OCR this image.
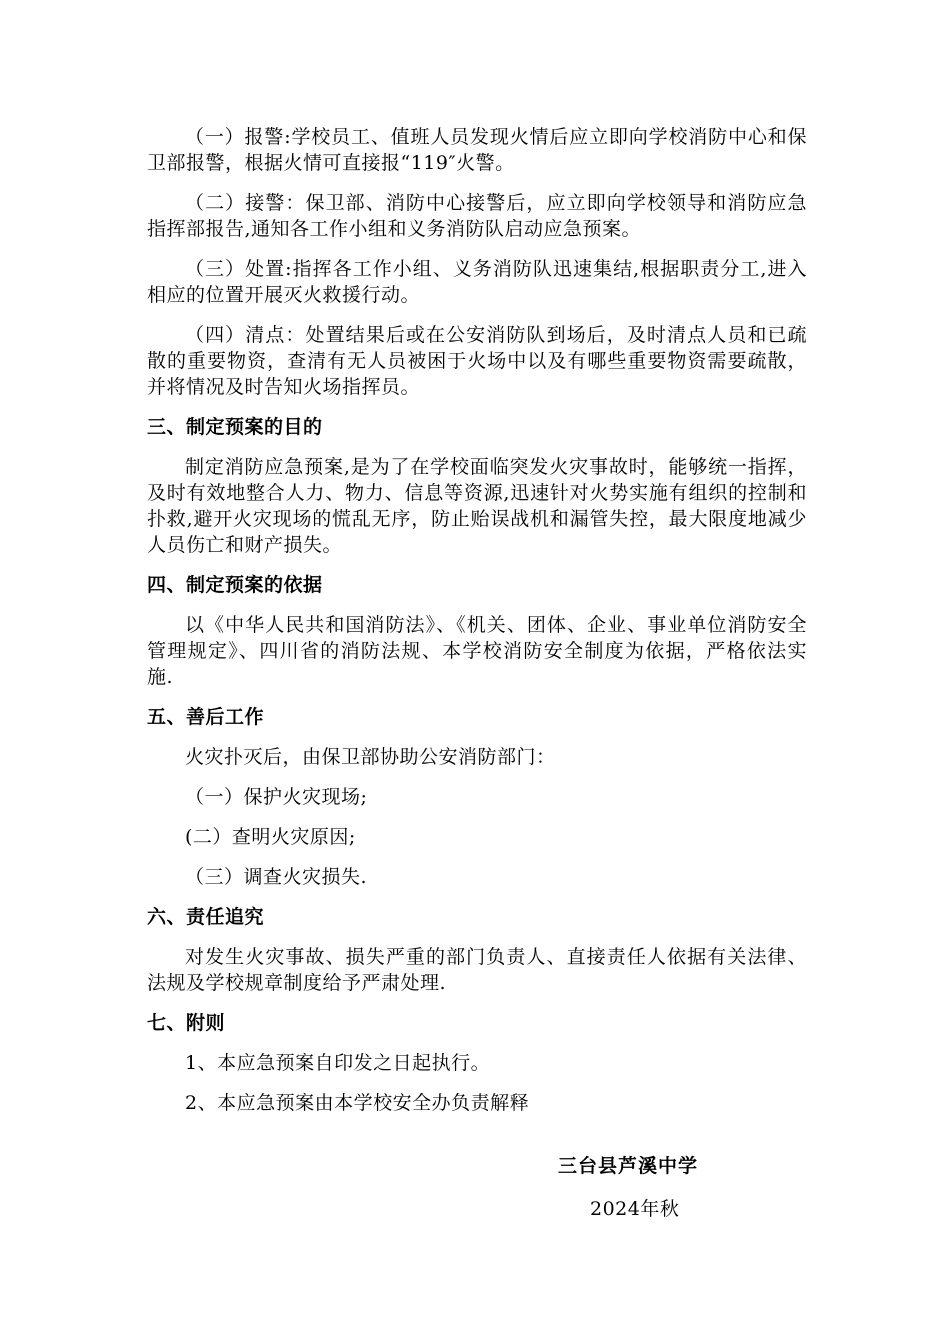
（一）报警:学校员工、值班人员发现火情后应立即向学校消防中心和保卫部报警，根据火情可直接报“119″火警。

（二）接警：保卫部、消防中心接警后，应立即向学校领导和消防应急指挥部报告,通知各工作小组和义务消防队启动应急预案。

（三）处置:指挥各工作小组、义务消防队迅速集结,根据职责分工,进入相应的位置开展灭火救援行动。

（四）清点：处置结果后或在公安消防队到场后，及时清点人员和已疏散的重要物资，查清有无人员被困于火场中以及有哪些重要物资需要疏散，并将情况及时告知火场指挥员。

三、制定预案的目的

制定消防应急预案,是为了在学校面临突发火灾事故时，能够统一指挥，及时有效地整合人力、物力、信息等资源,迅速针对火势实施有组织的控制和扑救,避开火灾现场的慌乱无序，防止贻误战机和漏管失控，最大限度地减少人员伤亡和财产损失。

四、制定预案的依据

以《中华人民共和国消防法》、《机关、团体、企业、事业单位消防安全管理规定》、四川省的消防法规、本学校消防安全制度为依据，严格依法实施.

五、善后工作
火灾扑灭后，由保卫部协助公安消防部门：
（一）保护火灾现场;
(二）查明火灾原因;
（三）调查火灾损失.
六、责任追究

对发生火灾事故、损失严重的部门负责人、直接责任人依据有关法律、法规及学校规章制度给予严肃处理.

七、附则
1、本应急预案自印发之日起执行。
2、本应急预案由本学校安全办负责解释
三台县芦溪中学
2024年秋
